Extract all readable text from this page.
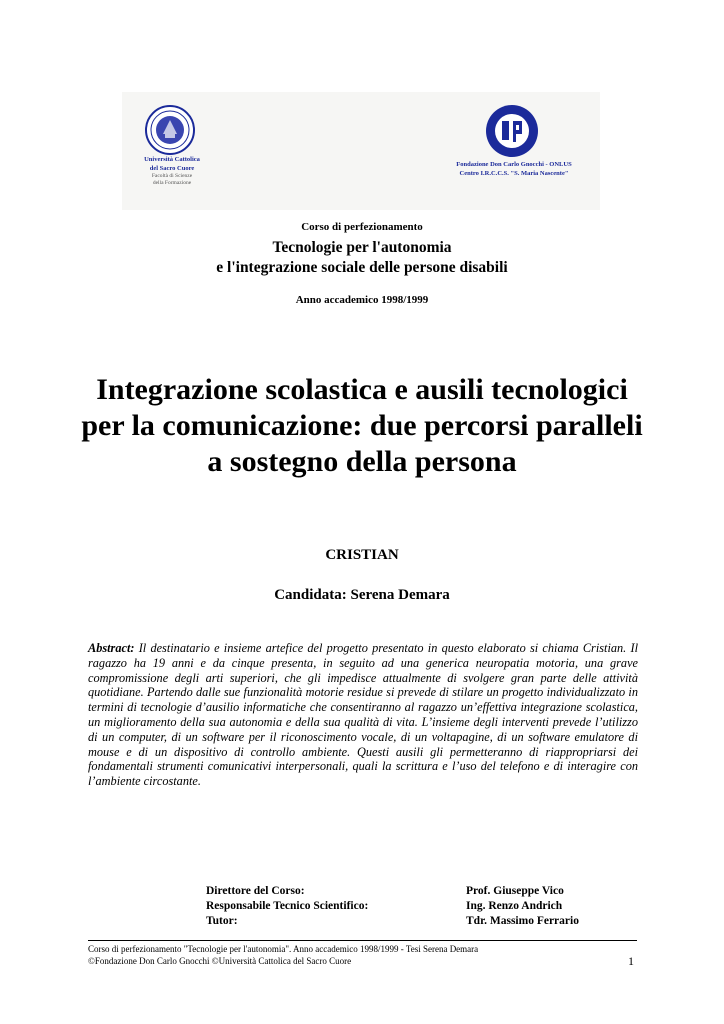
Università Cattolica
del Sacro Cuore
Facoltà di Scienze
della Formazione
Fondazione Don Carlo Gnocchi - ONLUS
Centro I.R.C.C.S. "S. Maria Nascente"
Corso di perfezionamento
Tecnologie per l'autonomia
e l'integrazione sociale delle persone disabili
Anno accademico 1998/1999
Integrazione scolastica e ausili tecnologici
per la comunicazione: due percorsi paralleli
a sostegno della persona
CRISTIAN
Candidata: Serena Demara
Abstract: Il destinatario e insieme artefice del progetto presentato in questo elaborato si chiama Cristian. Il ragazzo ha 19 anni e da cinque presenta, in seguito ad una generica neuropatia motoria, una grave compromissione degli arti superiori, che gli impedisce attualmente di svolgere gran parte delle attività quotidiane. Partendo dalle sue funzionalità motorie residue si prevede di stilare un progetto individualizzato in termini di tecnologie d’ausilio informatiche che consentiranno al ragazzo un’effettiva integrazione scolastica, un miglioramento della sua autonomia e della sua qualità di vita. L’insieme degli interventi prevede l’utilizzo di un computer, di un software per il riconoscimento vocale, di un voltapagine, di un software emulatore di mouse e di un dispositivo di controllo ambiente. Questi ausili gli permetteranno di riappropriarsi dei fondamentali strumenti comunicativi interpersonali, quali la scrittura e l’uso del telefono e di interagire con l’ambiente circostante.
Direttore del Corso:	Prof. Giuseppe Vico
Responsabile Tecnico Scientifico:	Ing. Renzo Andrich
Tutor:	Tdr. Massimo Ferrario
Corso di perfezionamento "Tecnologie per l'autonomia". Anno accademico 1998/1999 - Tesi Serena Demara
©Fondazione Don Carlo Gnocchi ©Università Cattolica del Sacro Cuore	1
